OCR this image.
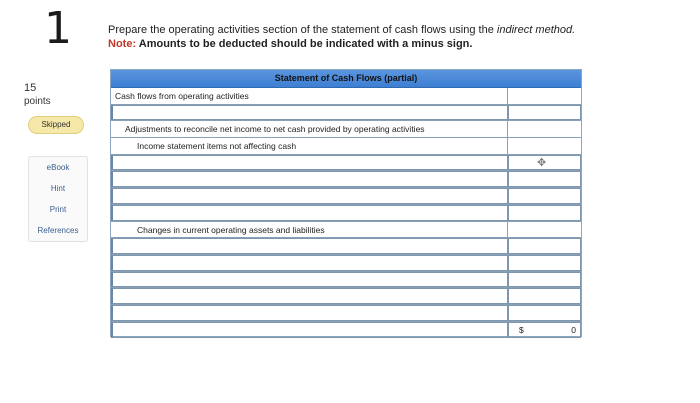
1
15
points
Skipped
eBook
Hint
Print
References
Prepare the operating activities section of the statement of cash flows using the indirect method.
Note: Amounts to be deducted should be indicated with a minus sign.
Statement of Cash Flows (partial)
Cash flows from operating activities
Adjustments to reconcile net income to net cash provided by operating activities
Income statement items not affecting cash
✥
Changes in current operating assets and liabilities
$	0
